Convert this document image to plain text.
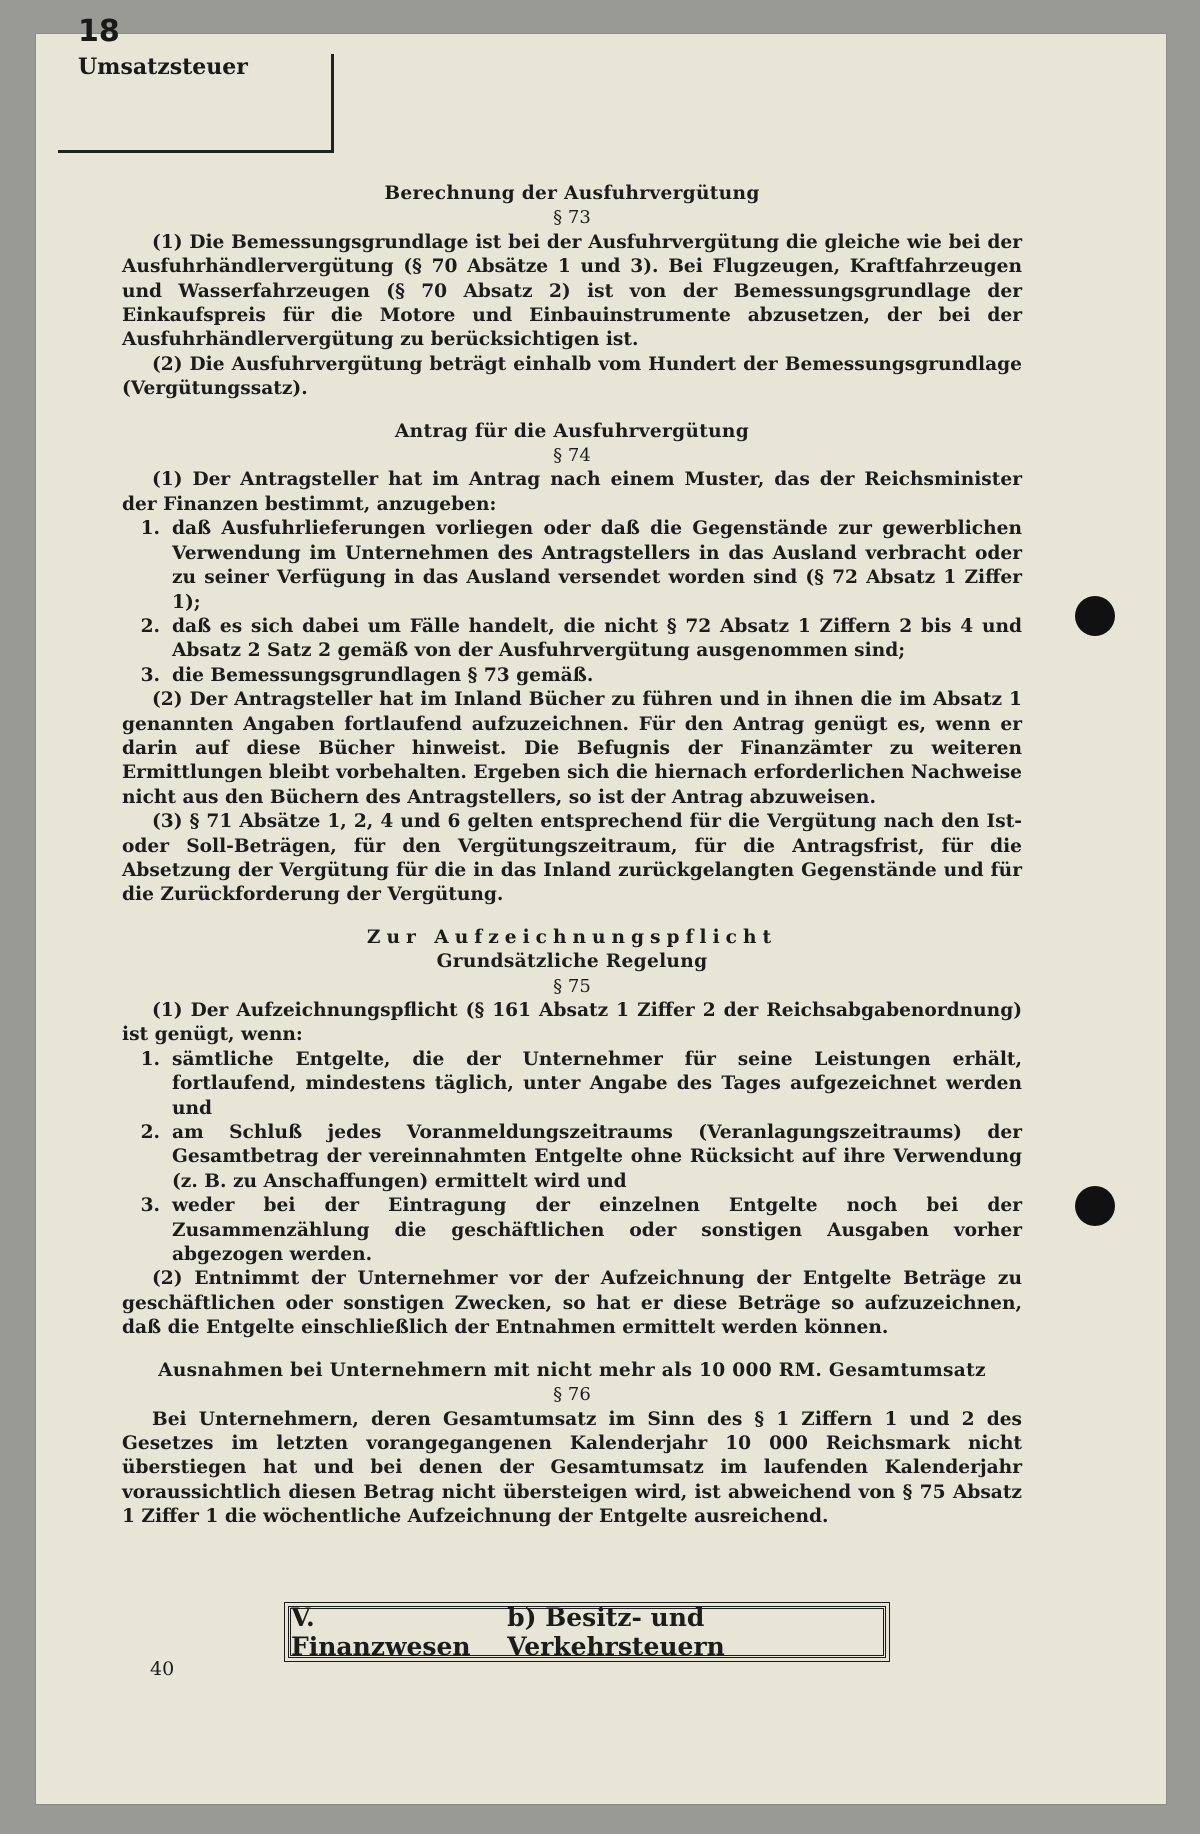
18
Umsatzsteuer
Berechnung der Ausfuhrvergütung
§ 73

(1) Die Bemessungsgrundlage ist bei der Ausfuhrvergütung die gleiche wie bei der Ausfuhrhändlervergütung (§ 70 Absätze 1 und 3). Bei Flugzeugen, Kraftfahrzeugen und Wasserfahrzeugen (§ 70 Absatz 2) ist von der Bemessungsgrundlage der Einkaufspreis für die Motore und Einbauinstrumente abzusetzen, der bei der Ausfuhrhändlervergütung zu berücksichtigen ist.

(2) Die Ausfuhrvergütung beträgt einhalb vom Hundert der Bemessungsgrundlage (Vergütungssatz).

Antrag für die Ausfuhrvergütung
§ 74

(1) Der Antragsteller hat im Antrag nach einem Muster, das der Reichsminister der Finanzen bestimmt, anzugeben:

1. daß Ausfuhrlieferungen vorliegen oder daß die Gegenstände zur gewerblichen Verwendung im Unternehmen des Antragstellers in das Ausland verbracht oder zu seiner Verfügung in das Ausland versendet worden sind (§ 72 Absatz 1 Ziffer 1);
2. daß es sich dabei um Fälle handelt, die nicht § 72 Absatz 1 Ziffern 2 bis 4 und Absatz 2 Satz 2 gemäß von der Ausfuhrvergütung ausgenommen sind;
3. die Bemessungsgrundlagen § 73 gemäß.

(2) Der Antragsteller hat im Inland Bücher zu führen und in ihnen die im Absatz 1 genannten Angaben fortlaufend aufzuzeichnen. Für den Antrag genügt es, wenn er darin auf diese Bücher hinweist. Die Befugnis der Finanzämter zu weiteren Ermittlungen bleibt vorbehalten. Ergeben sich die hiernach erforderlichen Nachweise nicht aus den Büchern des Antragstellers, so ist der Antrag abzuweisen.

(3) § 71 Absätze 1, 2, 4 und 6 gelten entsprechend für die Vergütung nach den Ist- oder Soll-Beträgen, für den Vergütungszeitraum, für die Antragsfrist, für die Absetzung der Vergütung für die in das Inland zurückgelangten Gegenstände und für die Zurückforderung der Vergütung.

Zur Aufzeichnungspflicht
Grundsätzliche Regelung
§ 75

(1) Der Aufzeichnungspflicht (§ 161 Absatz 1 Ziffer 2 der Reichsabgabenordnung) ist genügt, wenn:

1. sämtliche Entgelte, die der Unternehmer für seine Leistungen erhält, fortlaufend, mindestens täglich, unter Angabe des Tages aufgezeichnet werden und
2. am Schluß jedes Voranmeldungszeitraums (Veranlagungszeitraums) der Gesamtbetrag der vereinnahmten Entgelte ohne Rücksicht auf ihre Verwendung (z. B. zu Anschaffungen) ermittelt wird und
3. weder bei der Eintragung der einzelnen Entgelte noch bei der Zusammenzählung die geschäftlichen oder sonstigen Ausgaben vorher abgezogen werden.

(2) Entnimmt der Unternehmer vor der Aufzeichnung der Entgelte Beträge zu geschäftlichen oder sonstigen Zwecken, so hat er diese Beträge so aufzuzeichnen, daß die Entgelte einschließlich der Entnahmen ermittelt werden können.

Ausnahmen bei Unternehmern mit nicht mehr als 10 000 RM. Gesamtumsatz
§ 76

Bei Unternehmern, deren Gesamtumsatz im Sinn des § 1 Ziffern 1 und 2 des Gesetzes im letzten vorangegangenen Kalenderjahr 10 000 Reichsmark nicht überstiegen hat und bei denen der Gesamtumsatz im laufenden Kalenderjahr voraussichtlich diesen Betrag nicht übersteigen wird, ist abweichend von § 75 Absatz 1 Ziffer 1 die wöchentliche Aufzeichnung der Entgelte ausreichend.

V. Finanzwesen
b) Besitz- und Verkehrsteuern
40
